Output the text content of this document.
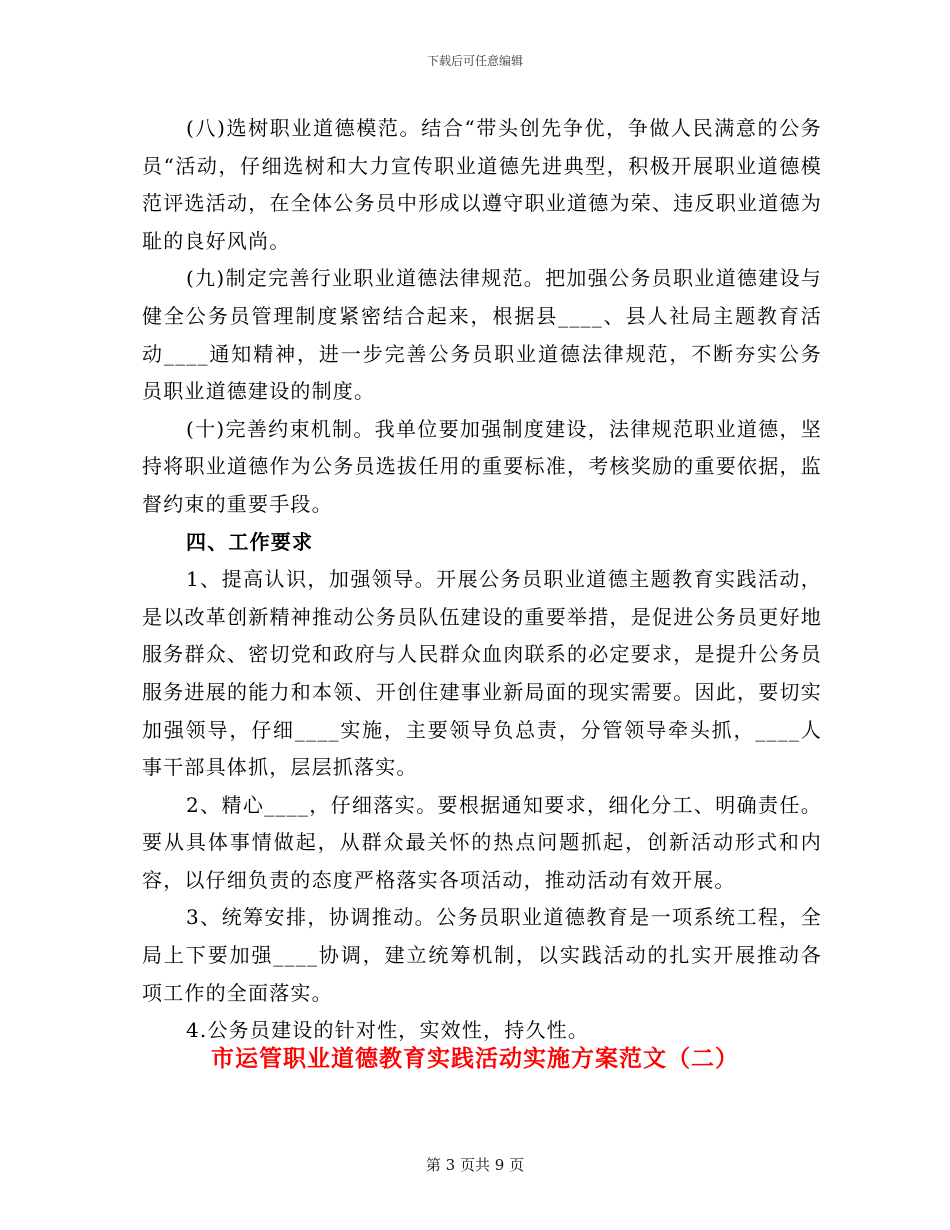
下载后可任意编辑

(八)选树职业道德模范。结合“带头创先争优，争做人民满意的公务员“活动，仔细选树和大力宣传职业道德先进典型，积极开展职业道德模范评选活动，在全体公务员中形成以遵守职业道德为荣、违反职业道德为耻的良好风尚。

(九)制定完善行业职业道德法律规范。把加强公务员职业道德建设与健全公务员管理制度紧密结合起来，根据县____、县人社局主题教育活动____通知精神，进一步完善公务员职业道德法律规范，不断夯实公务员职业道德建设的制度。

(十)完善约束机制。我单位要加强制度建设，法律规范职业道德，坚持将职业道德作为公务员选拔任用的重要标准，考核奖励的重要依据，监督约束的重要手段。

四、工作要求

1、提高认识，加强领导。开展公务员职业道德主题教育实践活动，是以改革创新精神推动公务员队伍建设的重要举措，是促进公务员更好地服务群众、密切党和政府与人民群众血肉联系的必定要求，是提升公务员服务进展的能力和本领、开创住建事业新局面的现实需要。因此，要切实加强领导，仔细____实施，主要领导负总责，分管领导牵头抓，____人事干部具体抓，层层抓落实。

2、精心____，仔细落实。要根据通知要求，细化分工、明确责任。要从具体事情做起，从群众最关怀的热点问题抓起，创新活动形式和内容，以仔细负责的态度严格落实各项活动，推动活动有效开展。

3、统筹安排，协调推动。公务员职业道德教育是一项系统工程，全局上下要加强____协调，建立统筹机制，以实践活动的扎实开展推动各项工作的全面落实。

4.公务员建设的针对性，实效性，持久性。

市运管职业道德教育实践活动实施方案范文（二）
第 3 页共 9 页
